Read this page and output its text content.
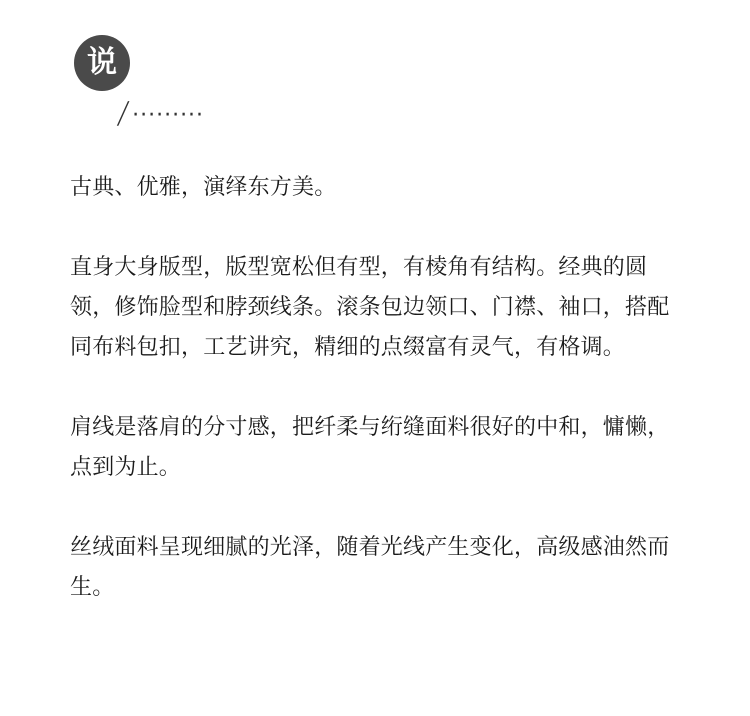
说
/ ·········

古典、优雅，演绎东方美。

直身大身版型，版型宽松但有型，有棱角有结构。经典的圆领，修饰脸型和脖颈线条。滚条包边领口、门襟、袖口，搭配同布料包扣，工艺讲究，精细的点缀富有灵气，有格调。

肩线是落肩的分寸感，把纤柔与绗缝面料很好的中和，慵懒，点到为止。

丝绒面料呈现细腻的光泽，随着光线产生变化，高级感油然而生。
